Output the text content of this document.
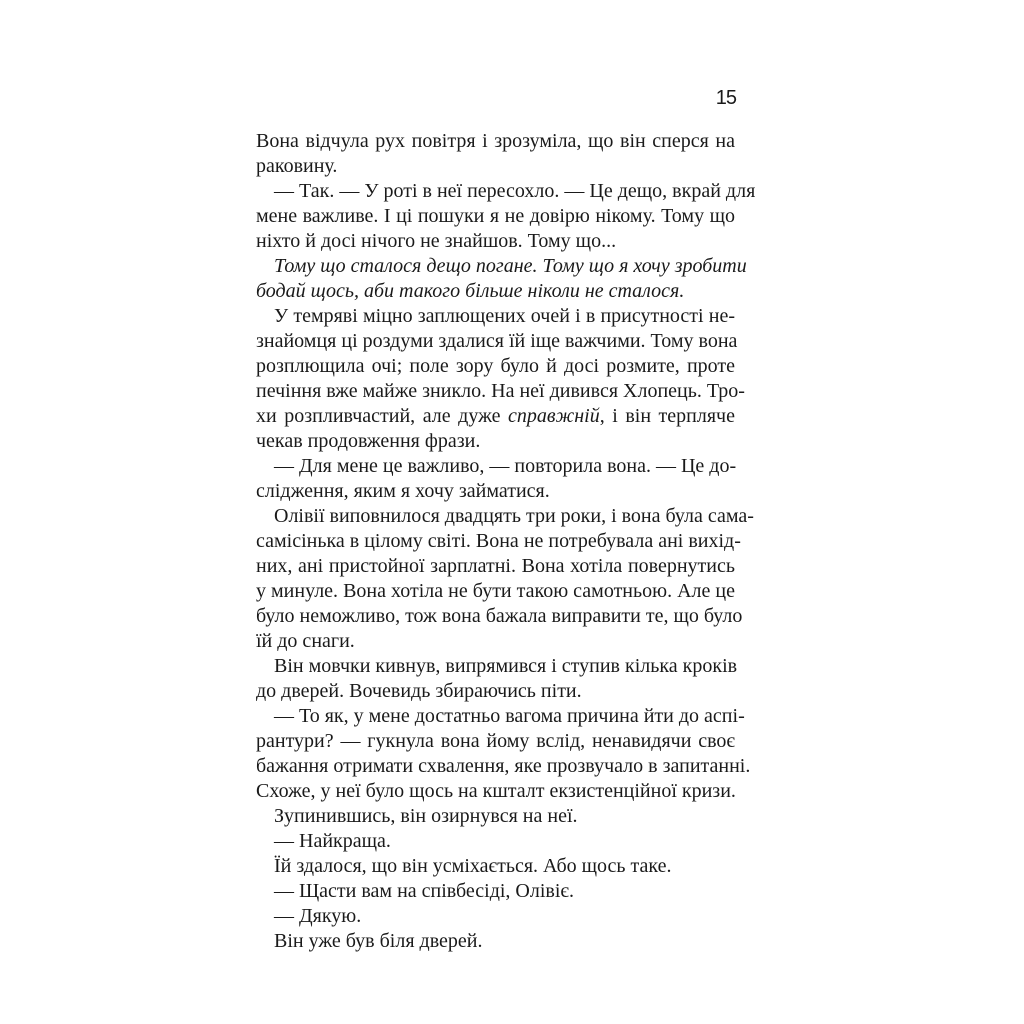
15
Вона відчула рух повітря і зрозуміла, що він сперся на
раковину.
— Так. — У роті в неї пересохло. — Це дещо, вкрай для
мене важливе. І ці пошуки я не довірю нікому. Тому що
ніхто й досі нічого не знайшов. Тому що...
Тому що сталося дещо погане. Тому що я хочу зробити
бодай щось, аби такого більше ніколи не сталося.
У темряві міцно заплющених очей і в присутності не-
знайомця ці роздуми здалися їй іще важчими. Тому вона
розплющила очі; поле зору було й досі розмите, проте
печіння вже майже зникло. На неї дивився Хлопець. Тро-
хи розпливчастий, але дуже справжній, і він терпляче
чекав продовження фрази.
— Для мене це важливо, — повторила вона. — Це до-
слідження, яким я хочу займатися.
Олівії виповнилося двадцять три роки, і вона була сама-
самісінька в цілому світі. Вона не потребувала ані вихід-
них, ані пристойної зарплатні. Вона хотіла повернутись
у минуле. Вона хотіла не бути такою самотньою. Але це
було неможливо, тож вона бажала виправити те, що було
їй до снаги.
Він мовчки кивнув, випрямився і ступив кілька кроків
до дверей. Вочевидь збираючись піти.
— То як, у мене достатньо вагома причина йти до аспі-
рантури? — гукнула вона йому вслід, ненавидячи своє
бажання отримати схвалення, яке прозвучало в запитанні.
Схоже, у неї було щось на кшталт екзистенційної кризи.
Зупинившись, він озирнувся на неї.
— Найкраща.
Їй здалося, що він усміхається. Або щось таке.
— Щасти вам на співбесіді, Олівіє.
— Дякую.
Він уже був біля дверей.
